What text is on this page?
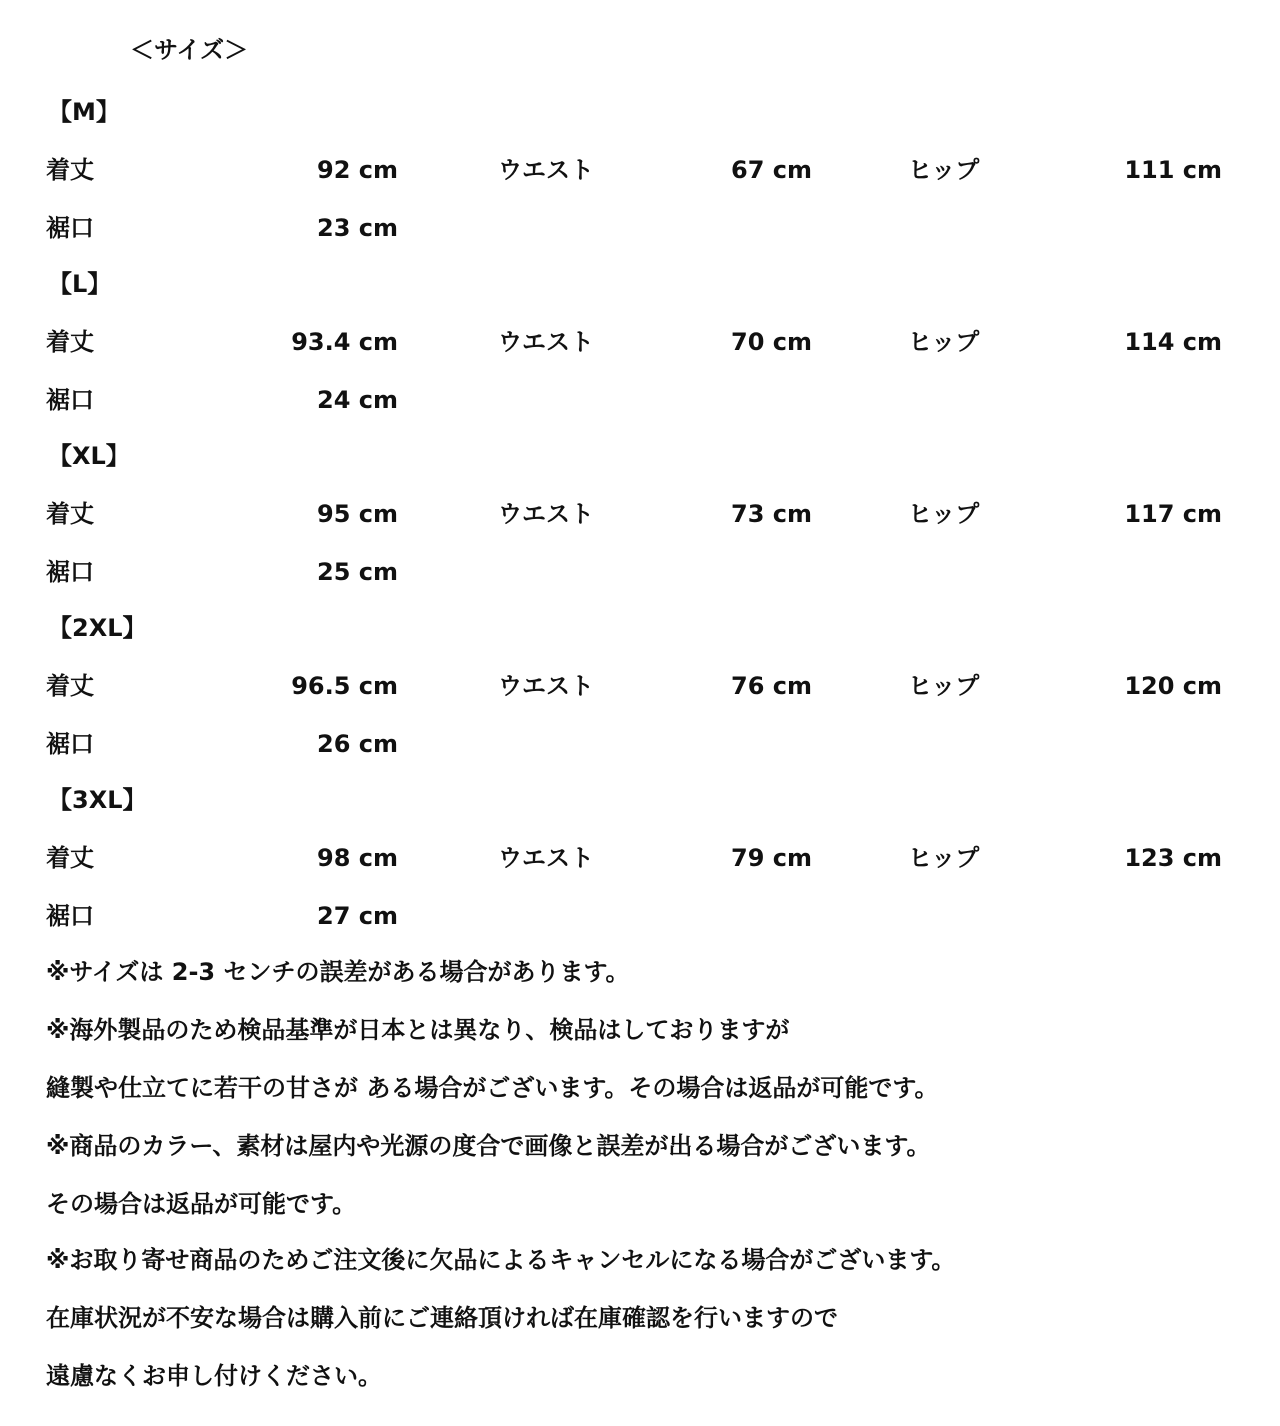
＜サイズ＞
【M】
着丈	92 cm	ウエスト	67 cm	ヒップ	111 cm
裾口	23 cm
【L】
着丈	93.4 cm	ウエスト	70 cm	ヒップ	114 cm
裾口	24 cm
【XL】
着丈	95 cm	ウエスト	73 cm	ヒップ	117 cm
裾口	25 cm
【2XL】
着丈	96.5 cm	ウエスト	76 cm	ヒップ	120 cm
裾口	26 cm
【3XL】
着丈	98 cm	ウエスト	79 cm	ヒップ	123 cm
裾口	27 cm
※サイズは 2-3 センチの誤差がある場合があります。
※海外製品のため検品基準が日本とは異なり、検品はしておりますが
縫製や仕立てに若干の甘さが ある場合がございます。その場合は返品が可能です。
※商品のカラー、素材は屋内や光源の度合で画像と誤差が出る場合がございます。
その場合は返品が可能です。
※お取り寄せ商品のためご注文後に欠品によるキャンセルになる場合がございます。
在庫状況が不安な場合は購入前にご連絡頂ければ在庫確認を行いますので
遠慮なくお申し付けください。
